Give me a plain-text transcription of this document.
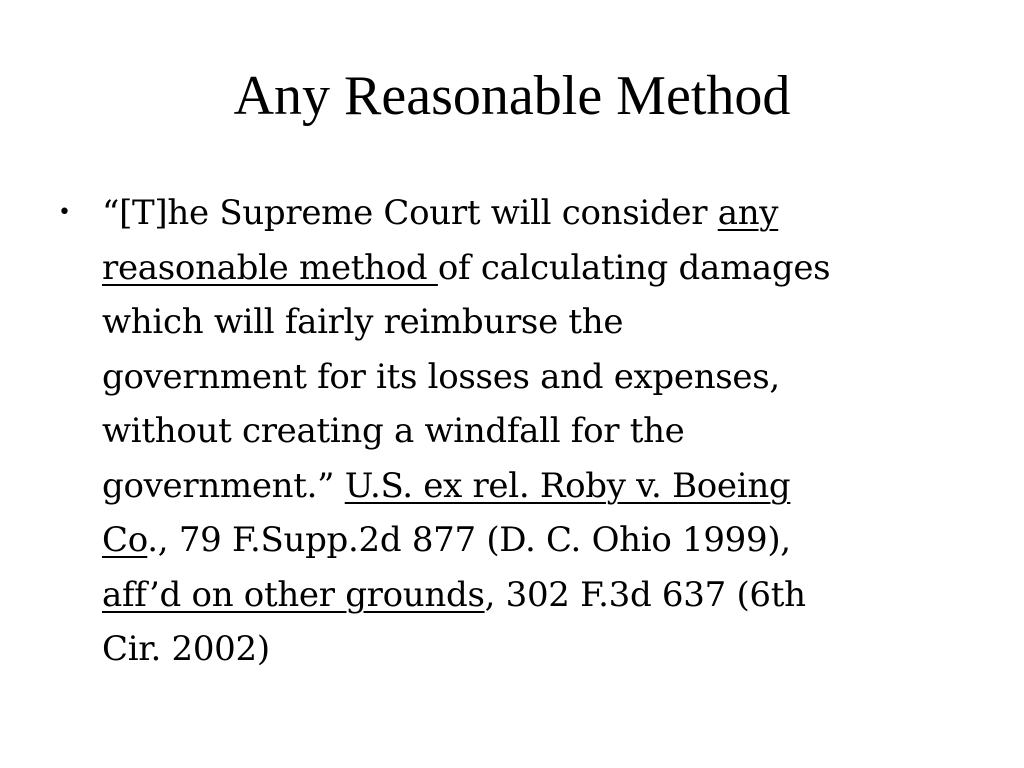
Any Reasonable Method
• “[T]he Supreme Court will consider any
reasonable method of calculating damages
which will fairly reimburse the
government for its losses and expenses,
without creating a windfall for the
government.” U.S. ex rel. Roby v. Boeing
Co., 79 F.Supp.2d 877 (D. C. Ohio 1999),
aff’d on other grounds, 302 F.3d 637 (6th
Cir. 2002)
